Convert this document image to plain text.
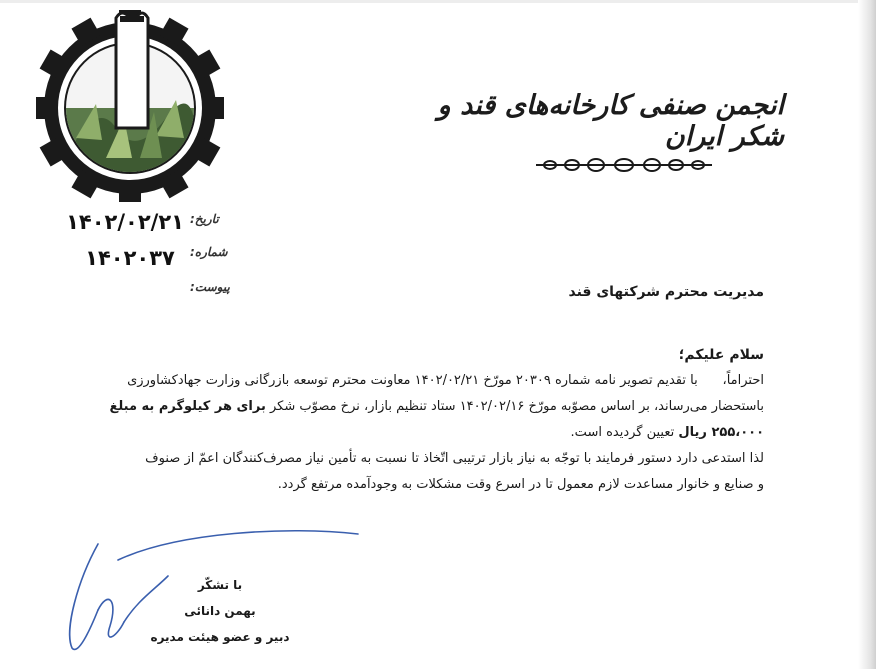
انجمن صنفی کارخانه‌های قند و شکر ایران
تاریخ:
۱۴۰۲/۰۲/۲۱
شماره:
۱۴۰۲۰۳۷
پیوست:	مدیریت محترم شرکتهای قند
سلام علیکم؛
احتراماً،      با تقدیم تصویر نامه شماره ۲۰۳۰۹ مورّخ ۱۴۰۲/۰۲/۲۱ معاونت محترم توسعه بازرگانی وزارت جهادکشاورزی
باستحضار می‌رساند، بر اساس مصوّبه مورّخ ۱۴۰۲/۰۲/۱۶ ستاد تنظیم بازار، نرخ مصوّب شکر برای هر کیلوگرم به مبلغ
۲۵۵،۰۰۰ ریال تعیین گردیده است.
لذا استدعی دارد دستور فرمایند با توجّه به نیاز بازار ترتیبی اتّخاذ تا نسبت به تأمین نیاز مصرف‌کنندگان اعمّ از صنوف
و صنایع و خانوار مساعدت لازم معمول تا در اسرع وقت مشکلات به وجودآمده مرتفع گردد.
با تشکّر
بهمن دانائی
دبیر و عضو هیئت مدیره
